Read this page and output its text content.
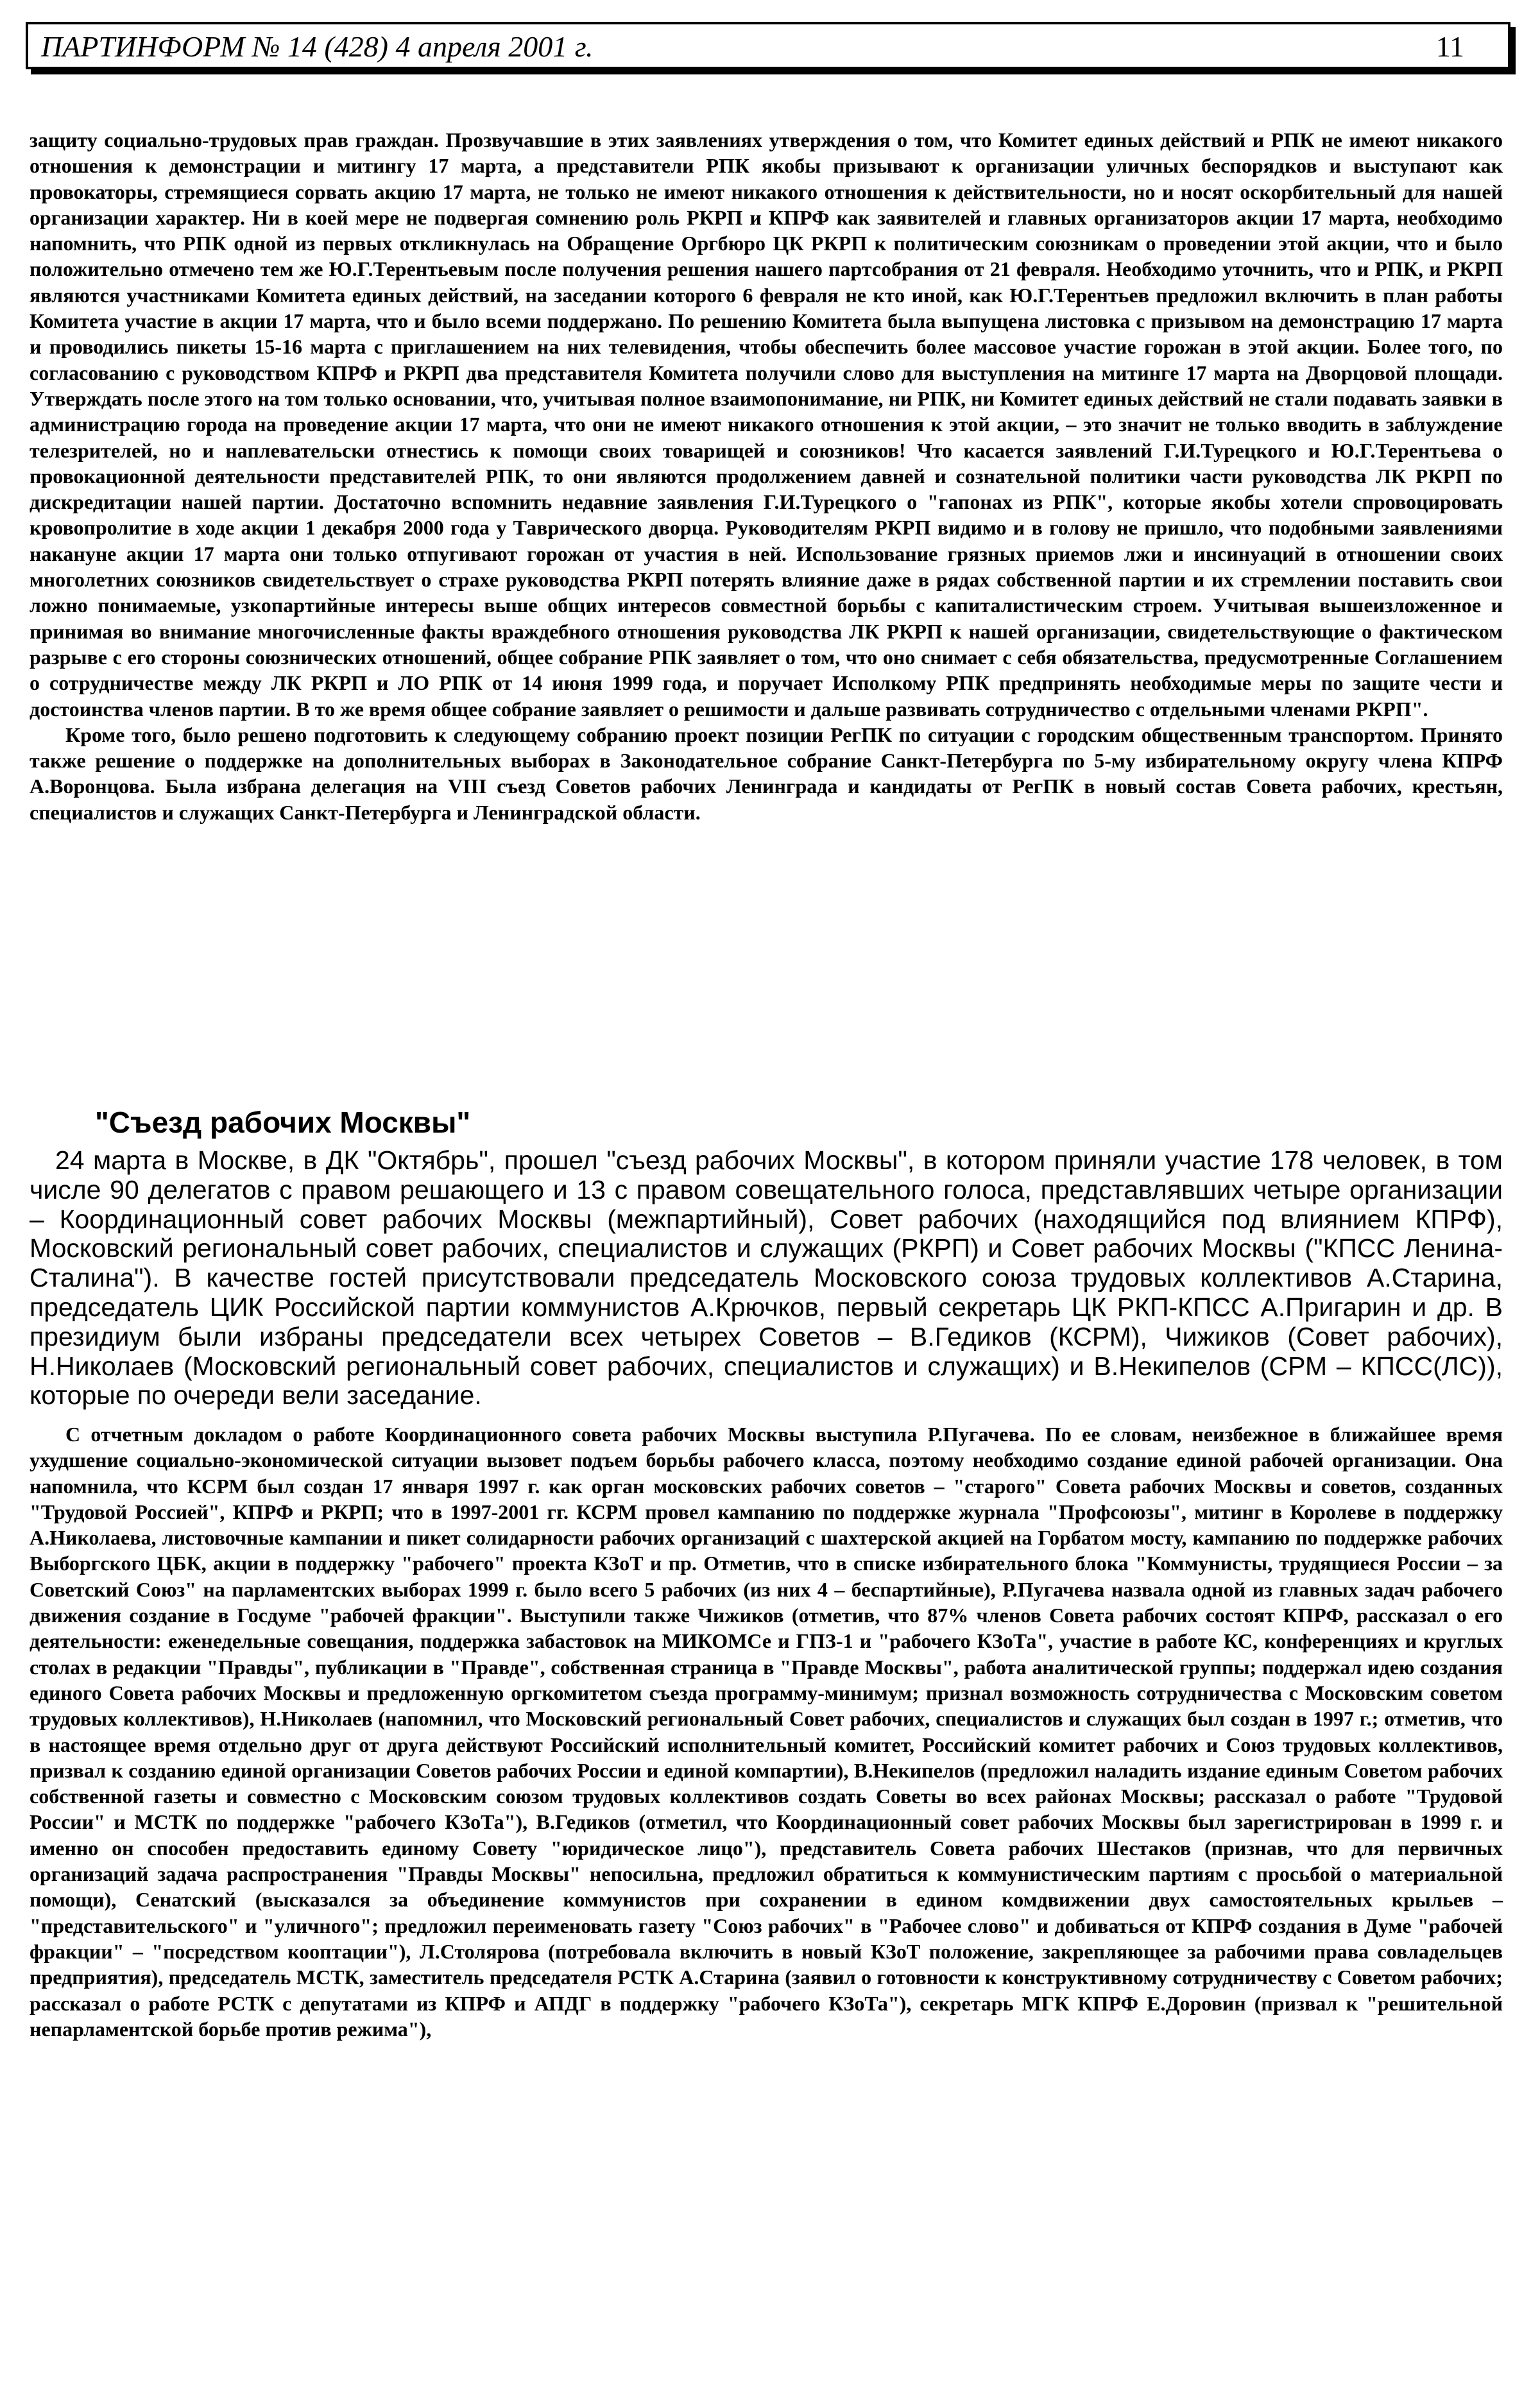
ПАРТИНФОРМ № 14 (428) 4 апреля 2001 г.	11

защиту социально-трудовых прав граждан. Прозвучавшие в этих заявлениях утверждения о том, что Комитет единых действий и РПК не имеют никакого отношения к демонстрации и митингу 17 марта, а представители РПК якобы призывают к организации уличных беспорядков и выступают как провокаторы, стремящиеся сорвать акцию 17 марта, не только не имеют никакого отношения к действительности, но и носят оскорбительный для нашей организации характер. Ни в коей мере не подвергая сомнению роль РКРП и КПРФ как заявителей и главных организаторов акции 17 марта, необходимо напомнить, что РПК одной из первых откликнулась на Обращение Оргбюро ЦК РКРП к политическим союзникам о проведении этой акции, что и было положительно отмечено тем же Ю.Г.Терентьевым после получения решения нашего партсобрания от 21 февраля. Необходимо уточнить, что и РПК, и РКРП являются участниками Комитета единых действий, на заседании которого 6 февраля не кто иной, как Ю.Г.Терентьев предложил включить в план работы Комитета участие в акции 17 марта, что и было всеми поддержано. По решению Комитета была выпущена листовка с призывом на демонстрацию 17 марта и проводились пикеты 15-16 марта с приглашением на них телевидения, чтобы обеспечить более массовое участие горожан в этой акции. Более того, по согласованию с руководством КПРФ и РКРП два представителя Комитета получили слово для выступления на митинге 17 марта на Дворцовой площади. Утверждать после этого на том только основании, что, учитывая полное взаимопонимание, ни РПК, ни Комитет единых действий не стали подавать заявки в администрацию города на проведение акции 17 марта, что они не имеют никакого отношения к этой акции, – это значит не только вводить в заблуждение телезрителей, но и наплевательски отнестись к помощи своих товарищей и союзников! Что касается заявлений Г.И.Турецкого и Ю.Г.Терентьева о провокационной деятельности представителей РПК, то они являются продолжением давней и сознательной политики части руководства ЛК РКРП по дискредитации нашей партии. Достаточно вспомнить недавние заявления Г.И.Турецкого о "гапонах из РПК", которые якобы хотели спровоцировать кровопролитие в ходе акции 1 декабря 2000 года у Таврического дворца. Руководителям РКРП видимо и в голову не пришло, что подобными заявлениями накануне акции 17 марта они только отпугивают горожан от участия в ней. Использование грязных приемов лжи и инсинуаций в отношении своих многолетних союзников свидетельствует о страхе руководства РКРП потерять влияние даже в рядах собственной партии и их стремлении поставить свои ложно понимаемые, узкопартийные интересы выше общих интересов совместной борьбы с капиталистическим строем. Учитывая вышеизложенное и принимая во внимание многочисленные факты враждебного отношения руководства ЛК РКРП к нашей организации, свидетельствующие о фактическом разрыве с его стороны союзнических отношений, общее собрание РПК заявляет о том, что оно снимает с себя обязательства, предусмотренные Соглашением о сотрудничестве между ЛК РКРП и ЛО РПК от 14 июня 1999 года, и поручает Исполкому РПК предпринять необходимые меры по защите чести и достоинства членов партии. В то же время общее собрание заявляет о решимости и дальше развивать сотрудничество с отдельными членами РКРП".

Кроме того, было решено подготовить к следующему собранию проект позиции РегПК по ситуации с городским общественным транспортом. Принято также решение о поддержке на дополнительных выборах в Законодательное собрание Санкт-Петербурга по 5-му избирательному округу члена КПРФ А.Воронцова. Была избрана делегация на VIII съезд Советов рабочих Ленинграда и кандидаты от РегПК в новый состав Совета рабочих, крестьян, специалистов и служащих Санкт-Петербурга и Ленинградской области.

"Съезд рабочих Москвы"

24 марта в Москве, в ДК "Октябрь", прошел "съезд рабочих Москвы", в котором приняли участие 178 человек, в том числе 90 делегатов с правом решающего и 13 с правом совещательного голоса, представлявших четыре организации – Координационный совет рабочих Москвы (межпартийный), Совет рабочих (находящийся под влиянием КПРФ), Московский региональный совет рабочих, специалистов и служащих (РКРП) и Совет рабочих Москвы ("КПСС Ленина-Сталина"). В качестве гостей присутствовали председатель Московского союза трудовых коллективов А.Старина, председатель ЦИК Российской партии коммунистов А.Крючков, первый секретарь ЦК РКП-КПСС А.Пригарин и др. В президиум были избраны председатели всех четырех Советов – В.Гедиков (КСРМ), Чижиков (Совет рабочих), Н.Николаев (Московский региональный совет рабочих, специалистов и служащих) и В.Некипелов (СРМ – КПСС(ЛС)), которые по очереди вели заседание.

С отчетным докладом о работе Координационного совета рабочих Москвы выступила Р.Пугачева. По ее словам, неизбежное в ближайшее время ухудшение социально-экономической ситуации вызовет подъем борьбы рабочего класса, поэтому необходимо создание единой рабочей организации. Она напомнила, что КСРМ был создан 17 января 1997 г. как орган московских рабочих советов – "старого" Совета рабочих Москвы и советов, созданных "Трудовой Россией", КПРФ и РКРП; что в 1997-2001 гг. КСРМ провел кампанию по поддержке журнала "Профсоюзы", митинг в Королеве в поддержку А.Николаева, листовочные кампании и пикет солидарности рабочих организаций с шахтерской акцией на Горбатом мосту, кампанию по поддержке рабочих Выборгского ЦБК, акции в поддержку "рабочего" проекта КЗоТ и пр. Отметив, что в списке избирательного блока "Коммунисты, трудящиеся России – за Советский Союз" на парламентских выборах 1999 г. было всего 5 рабочих (из них 4 – беспартийные), Р.Пугачева назвала одной из главных задач рабочего движения создание в Госдуме "рабочей фракции". Выступили также Чижиков (отметив, что 87% членов Совета рабочих состоят КПРФ, рассказал о его деятельности: еженедельные совещания, поддержка забастовок на МИКОМСе и ГПЗ-1 и "рабочего КЗоТа", участие в работе КС, конференциях и круглых столах в редакции "Правды", публикации в "Правде", собственная страница в "Правде Москвы", работа аналитической группы; поддержал идею создания единого Совета рабочих Москвы и предложенную оргкомитетом съезда программу-минимум; признал возможность сотрудничества с Московским советом трудовых коллективов), Н.Николаев (напомнил, что Московский региональный Совет рабочих, специалистов и служащих был создан в 1997 г.; отметив, что в настоящее время отдельно друг от друга действуют Российский исполнительный комитет, Российский комитет рабочих и Союз трудовых коллективов, призвал к созданию единой организации Советов рабочих России и единой компартии), В.Некипелов (предложил наладить издание единым Советом рабочих собственной газеты и совместно с Московским союзом трудовых коллективов создать Советы во всех районах Москвы; рассказал о работе "Трудовой России" и МСТК по поддержке "рабочего КЗоТа"), В.Гедиков (отметил, что Координационный совет рабочих Москвы был зарегистрирован в 1999 г. и именно он способен предоставить единому Совету "юридическое лицо"), представитель Совета рабочих Шестаков (признав, что для первичных организаций задача распространения "Правды Москвы" непосильна, предложил обратиться к коммунистическим партиям с просьбой о материальной помощи), Сенатский (высказался за объединение коммунистов при сохранении в едином комдвижении двух самостоятельных крыльев – "представительского" и "уличного"; предложил переименовать газету "Союз рабочих" в "Рабочее слово" и добиваться от КПРФ создания в Думе "рабочей фракции" – "посредством кооптации"), Л.Столярова (потребовала включить в новый КЗоТ положение, закрепляющее за рабочими права совладельцев предприятия), председатель МСТК, заместитель председателя РСТК А.Старина (заявил о готовности к конструктивному сотрудничеству с Советом рабочих; рассказал о работе РСТК с депутатами из КПРФ и АПДГ в поддержку "рабочего КЗоТа"), секретарь МГК КПРФ Е.Доровин (призвал к "решительной непарламентской борьбе против режима"),
